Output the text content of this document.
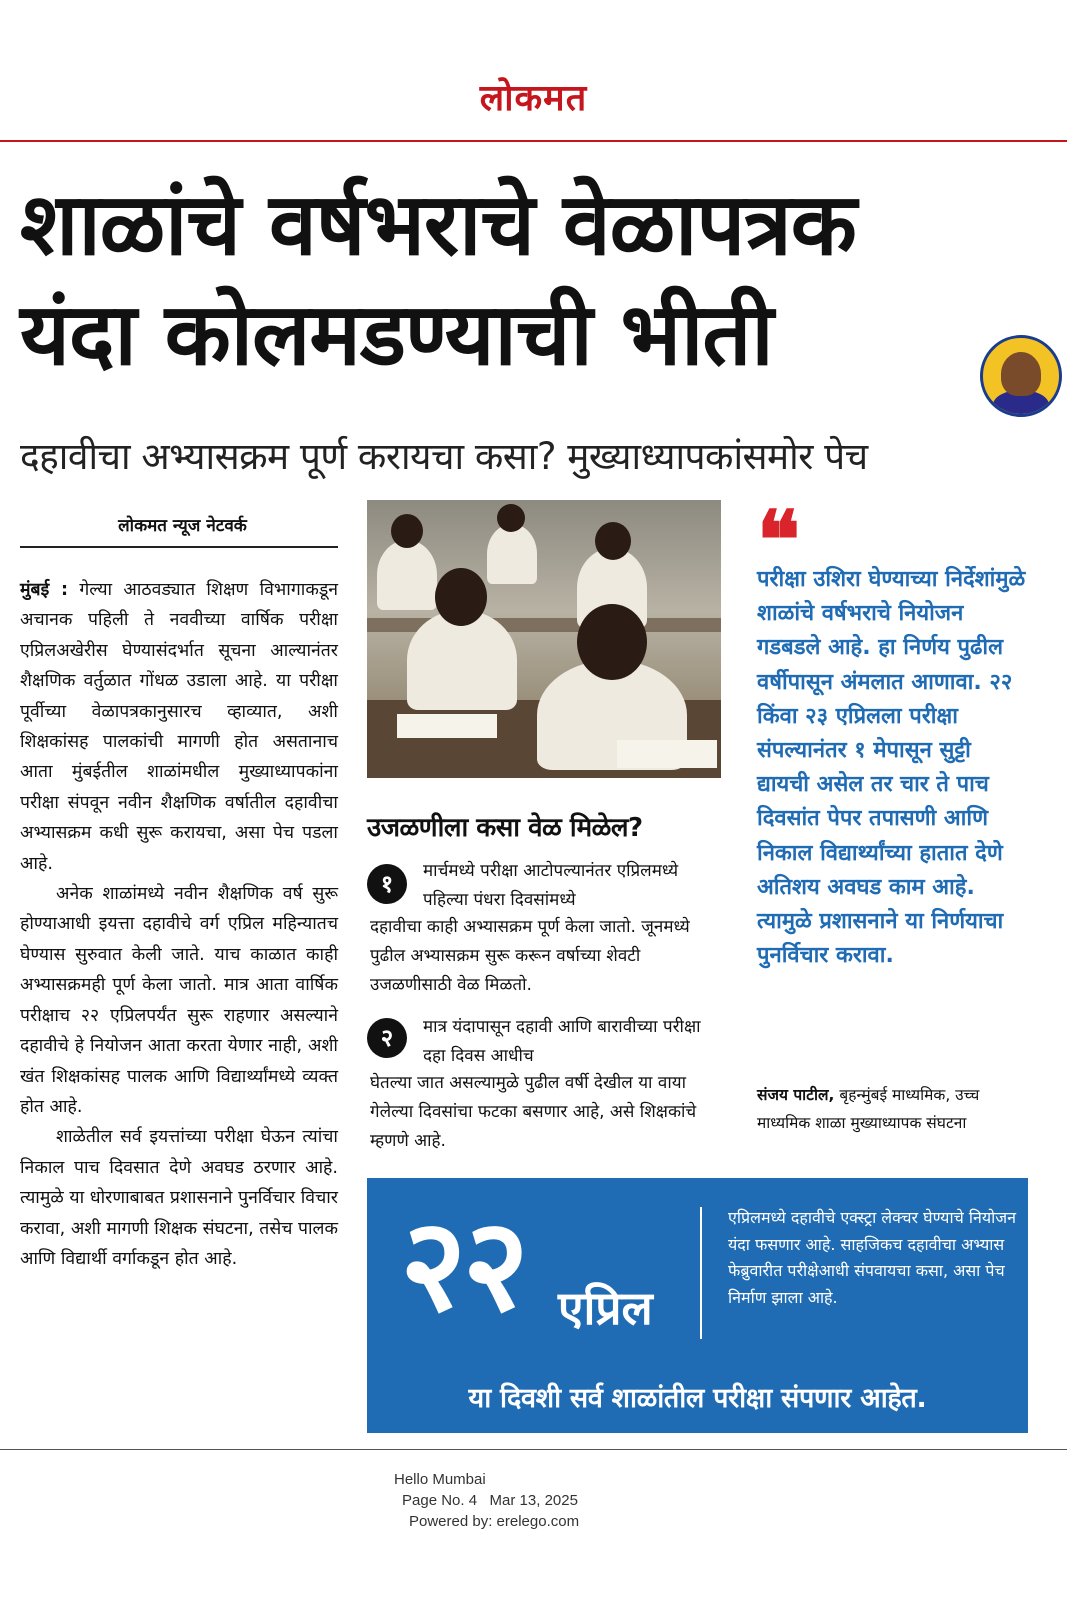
लोकमत
शाळांचे वर्षभराचे वेळापत्रक
यंदा कोलमडण्याची भीती
दहावीचा अभ्यासक्रम पूर्ण करायचा कसा? मुख्याध्यापकांसमोर पेच
लोकमत न्यूज नेटवर्क

मुंबई : गेल्या आठवड्यात शिक्षण विभागाकडून अचानक पहिली ते नववीच्या वार्षिक परीक्षा एप्रिलअखेरीस घेण्यासंदर्भात सूचना आल्यानंतर शैक्षणिक वर्तुळात गोंधळ उडाला आहे. या परीक्षा पूर्वीच्या वेळापत्रकानुसारच व्हाव्यात, अशी शिक्षकांसह पालकांची मागणी होत असतानाच आता मुंबईतील शाळांमधील मुख्याध्यापकांना परीक्षा संपवून नवीन शैक्षणिक वर्षातील दहावीचा अभ्यासक्रम कधी सुरू करायचा, असा पेच पडला आहे.

अनेक शाळांमध्ये नवीन शैक्षणिक वर्ष सुरू होण्याआधी इयत्ता दहावीचे वर्ग एप्रिल महिन्यातच घेण्यास सुरुवात केली जाते. याच काळात काही अभ्यासक्रमही पूर्ण केला जातो. मात्र आता वार्षिक परीक्षाच २२ एप्रिलपर्यंत सुरू राहणार असल्याने दहावीचे हे नियोजन आता करता येणार नाही, अशी खंत शिक्षकांसह पालक आणि विद्यार्थ्यांमध्ये व्यक्त होत आहे.

शाळेतील सर्व इयत्तांच्या परीक्षा घेऊन त्यांचा निकाल पाच दिवसात देणे अवघड ठरणार आहे. त्यामुळे या धोरणाबाबत प्रशासनाने पुनर्विचार विचार करावा, अशी मागणी शिक्षक संघटना, तसेच पालक आणि विद्यार्थी वर्गाकडून होत आहे.

उजळणीला कसा वेळ मिळेल?
१	मार्चमध्ये परीक्षा आटोपल्यानंतर एप्रिलमध्ये पहिल्या पंधरा दिवसांमध्ये
दहावीचा काही अभ्यासक्रम पूर्ण केला जातो. जूनमध्ये पुढील अभ्यासक्रम सुरू करून वर्षाच्या शेवटी उजळणीसाठी वेळ मिळतो.
२	मात्र यंदापासून दहावी आणि बारावीच्या परीक्षा दहा दिवस आधीच
घेतल्या जात असल्यामुळे पुढील वर्षी देखील या वाया गेलेल्या दिवसांचा फटका बसणार आहे, असे शिक्षकांचे म्हणणे आहे.
❝
परीक्षा उशिरा घेण्याच्या निर्देशांमुळे शाळांचे वर्षभराचे नियोजन गडबडले आहे. हा निर्णय पुढील वर्षीपासून अंमलात आणावा. २२ किंवा २३ एप्रिलला परीक्षा संपल्यानंतर १ मेपासून सुट्टी द्यायची असेल तर चार ते पाच दिवसांत पेपर तपासणी आणि निकाल विद्यार्थ्यांच्या हातात देणे अतिशय अवघड काम आहे. त्यामुळे प्रशासनाने या निर्णयाचा पुनर्विचार करावा.
संजय पाटील, बृहन्मुंबई माध्यमिक, उच्च माध्यमिक शाळा मुख्याध्यापक संघटना
२२ एप्रिल
एप्रिलमध्ये दहावीचे एक्स्ट्रा लेक्चर घेण्याचे नियोजन यंदा फसणार आहे. साहजिकच दहावीचा अभ्यास फेब्रुवारीत परीक्षेआधी संपवायचा कसा, असा पेच निर्माण झाला आहे.
या दिवशी सर्व शाळांतील परीक्षा संपणार आहेत.
Hello Mumbai
Page No. 4   Mar 13, 2025
Powered by: erelego.com
